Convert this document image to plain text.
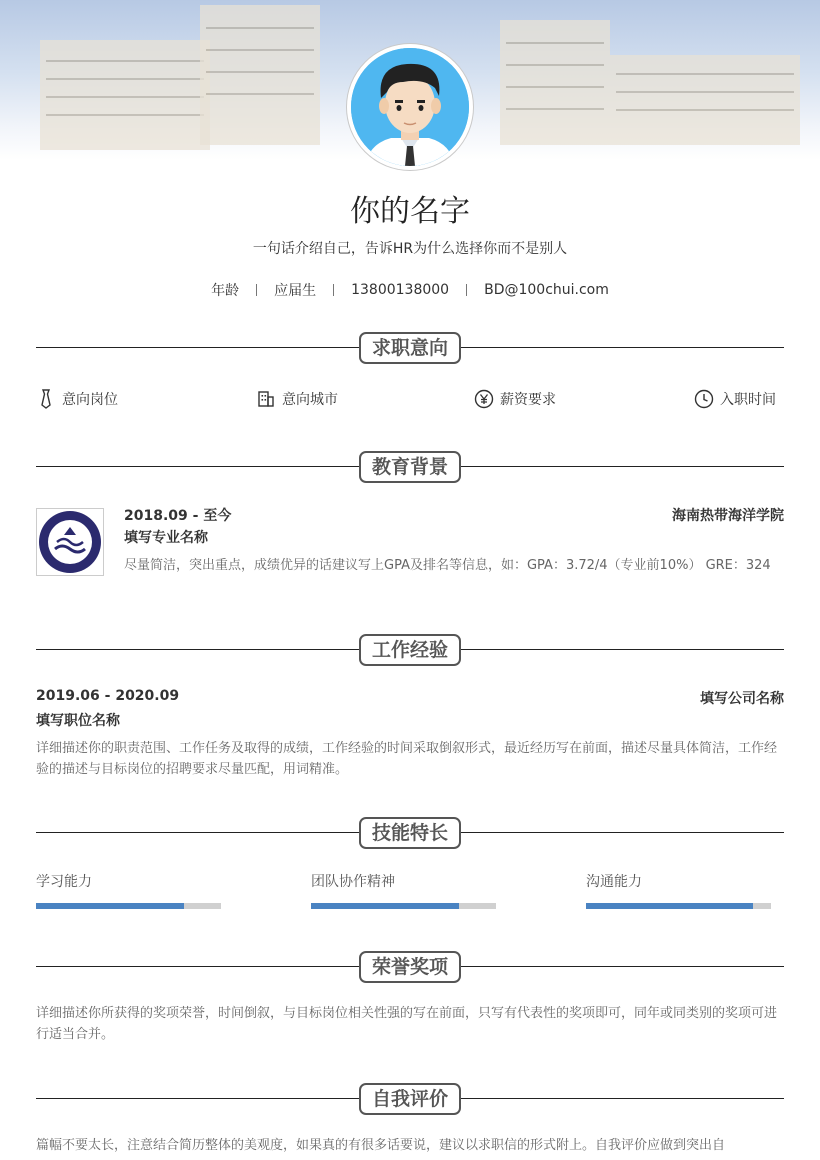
你的名字
一句话介绍自己，告诉HR为什么选择你而不是别人
年龄	应届生	13800138000	BD@100chui.com
求职意向
意向岗位	意向城市	薪资要求	入职时间
教育背景
2018.09 - 至今	海南热带海洋学院
填写专业名称
尽量简洁，突出重点，成绩优异的话建议写上GPA及排名等信息，如：GPA：3.72/4（专业前10%） GRE：324
工作经验
2019.06 - 2020.09	填写公司名称
填写职位名称
详细描述你的职责范围、工作任务及取得的成绩，工作经验的时间采取倒叙形式，最近经历写在前面，描述尽量具体简洁，工作经验的描述与目标岗位的招聘要求尽量匹配，用词精准。
技能特长
学习能力	团队协作精神	沟通能力
荣誉奖项
详细描述你所获得的奖项荣誉，时间倒叙，与目标岗位相关性强的写在前面，只写有代表性的奖项即可，同年或同类别的奖项可进行适当合并。
自我评价
篇幅不要太长，注意结合简历整体的美观度，如果真的有很多话要说，建议以求职信的形式附上。自我评价应做到突出自
